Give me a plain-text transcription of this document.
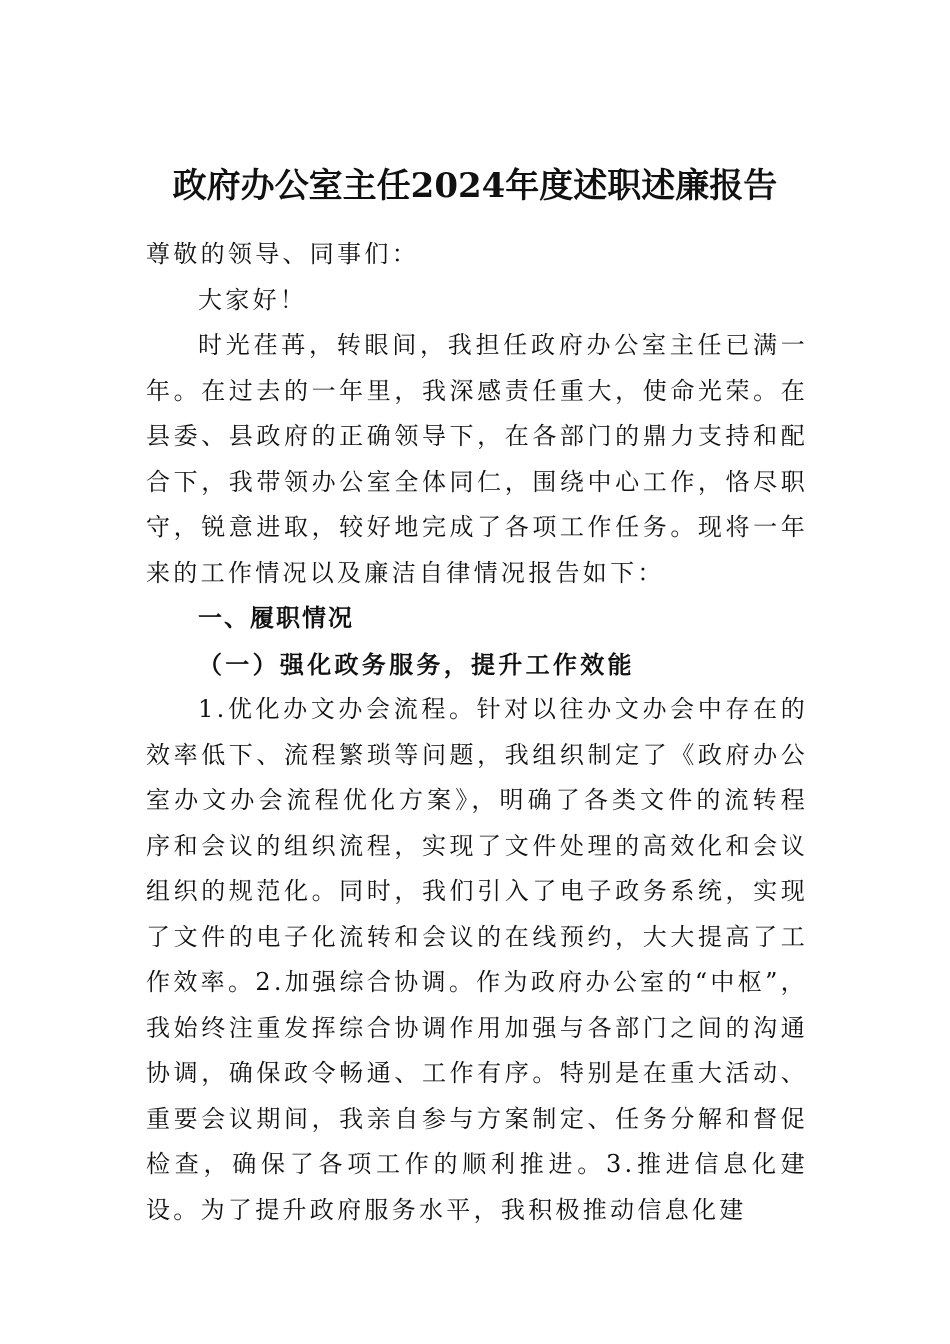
政府办公室主任2024年度述职述廉报告

尊敬的领导、同事们：

大家好！

时光荏苒，转眼间，我担任政府办公室主任已满一年。在过去的一年里，我深感责任重大，使命光荣。在县委、县政府的正确领导下，在各部门的鼎力支持和配合下，我带领办公室全体同仁，围绕中心工作，恪尽职守，锐意进取，较好地完成了各项工作任务。现将一年来的工作情况以及廉洁自律情况报告如下：

一、履职情况

（一）强化政务服务，提升工作效能

1.优化办文办会流程。针对以往办文办会中存在的效率低下、流程繁琐等问题，我组织制定了《政府办公室办文办会流程优化方案》，明确了各类文件的流转程序和会议的组织流程，实现了文件处理的高效化和会议组织的规范化。同时，我们引入了电子政务系统，实现了文件的电子化流转和会议的在线预约，大大提高了工作效率。2.加强综合协调。作为政府办公室的“中枢”，我始终注重发挥综合协调作用加强与各部门之间的沟通协调，确保政令畅通、工作有序。特别是在重大活动、重要会议期间，我亲自参与方案制定、任务分解和督促检查，确保了各项工作的顺利推进。3.推进信息化建设。为了提升政府服务水平，我积极推动信息化建
